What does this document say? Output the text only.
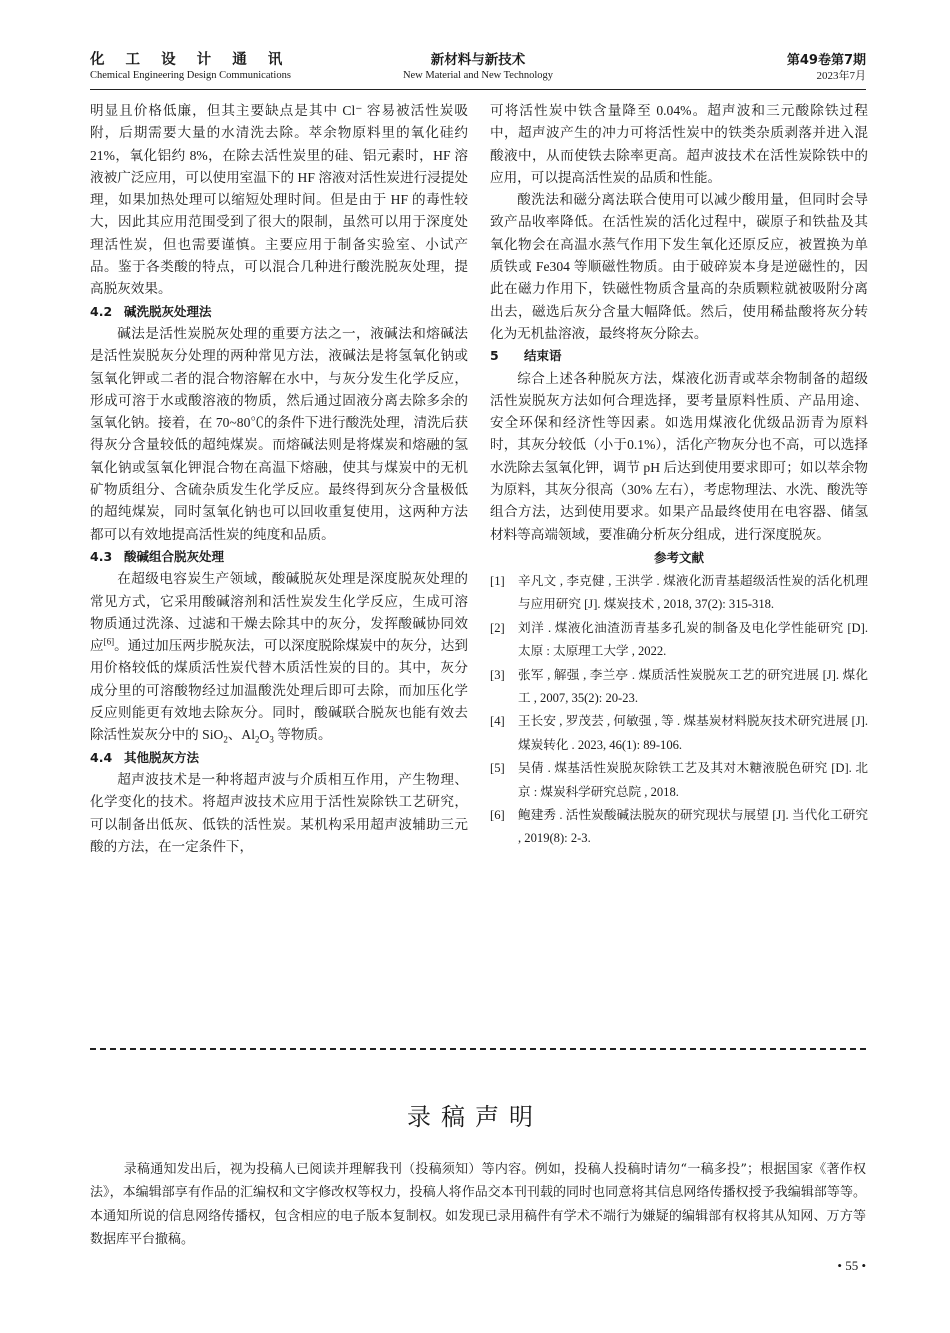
化 工 设 计 通 讯
Chemical Engineering Design Communications
新材料与新技术
New Material and New Technology
第49卷第7期
2023年7月

明显且价格低廉，但其主要缺点是其中 Cl⁻ 容易被活性炭吸附，后期需要大量的水清洗去除。萃余物原料里的氧化硅约 21%，氧化铝约 8%，在除去活性炭里的硅、铝元素时，HF 溶液被广泛应用，可以使用室温下的 HF 溶液对活性炭进行浸提处理，如果加热处理可以缩短处理时间。但是由于 HF 的毒性较大，因此其应用范围受到了很大的限制，虽然可以用于深度处理活性炭，但也需要谨慎。主要应用于制备实验室、小试产品。鉴于各类酸的特点，可以混合几种进行酸洗脱灰处理，提高脱灰效果。

4.2 碱洗脱灰处理法

碱法是活性炭脱灰处理的重要方法之一，液碱法和熔碱法是活性炭脱灰分处理的两种常见方法，液碱法是将氢氧化钠或氢氧化钾或二者的混合物溶解在水中，与灰分发生化学反应，形成可溶于水或酸溶液的物质，然后通过固液分离去除多余的氢氧化钠。接着，在 70~80℃的条件下进行酸洗处理，清洗后获得灰分含量较低的超纯煤炭。而熔碱法则是将煤炭和熔融的氢氧化钠或氢氧化钾混合物在高温下熔融，使其与煤炭中的无机矿物质组分、含硫杂质发生化学反应。最终得到灰分含量极低的超纯煤炭，同时氢氧化钠也可以回收重复使用，这两种方法都可以有效地提高活性炭的纯度和品质。

4.3 酸碱组合脱灰处理

在超级电容炭生产领域，酸碱脱灰处理是深度脱灰处理的常见方式，它采用酸碱溶剂和活性炭发生化学反应，生成可溶物质通过洗涤、过滤和干燥去除其中的灰分，发挥酸碱协同效应[6]。通过加压两步脱灰法，可以深度脱除煤炭中的灰分，达到用价格较低的煤质活性炭代替木质活性炭的目的。其中，灰分成分里的可溶酸物经过加温酸洗处理后即可去除，而加压化学反应则能更有效地去除灰分。同时，酸碱联合脱灰也能有效去除活性炭灰分中的 SiO$_2$、$Al_2O_3$ 等物质。

4.4 其他脱灰方法

超声波技术是一种将超声波与介质相互作用，产生物理、化学变化的技术。将超声波技术应用于活性炭除铁工艺研究，可以制备出低灰、低铁的活性炭。某机构采用超声波辅助三元酸的方法，在一定条件下，

可将活性炭中铁含量降至 0.04%。超声波和三元酸除铁过程中，超声波产生的冲力可将活性炭中的铁类杂质剥落并进入混酸液中，从而使铁去除率更高。超声波技术在活性炭除铁中的应用，可以提高活性炭的品质和性能。

酸洗法和磁分离法联合使用可以减少酸用量，但同时会导致产品收率降低。在活性炭的活化过程中，碳原子和铁盐及其氧化物会在高温水蒸气作用下发生氧化还原反应，被置换为单质铁或 Fe304 等顺磁性物质。由于破碎炭本身是逆磁性的，因此在磁力作用下，铁磁性物质含量高的杂质颗粒就被吸附分离出去，磁选后灰分含量大幅降低。然后，使用稀盐酸将灰分转化为无机盐溶液，最终将灰分除去。

5 结束语

综合上述各种脱灰方法，煤液化沥青或萃余物制备的超级活性炭脱灰方法如何合理选择，要考量原料性质、产品用途、安全环保和经济性等因素。如选用煤液化优级品沥青为原料时，其灰分较低（小于0.1%），活化产物灰分也不高，可以选择水洗除去氢氧化钾，调节 pH 后达到使用要求即可；如以萃余物为原料，其灰分很高（30% 左右），考虑物理法、水洗、酸洗等组合方法，达到使用要求。如果产品最终使用在电容器、储氢材料等高端领域，要准确分析灰分组成，进行深度脱灰。

参考文献
[1]	辛凡文 , 李克健 , 王洪学 . 煤液化沥青基超级活性炭的活化机理与应用研究 [J]. 煤炭技术 , 2018, 37(2): 315-318.
[2]	刘洋 . 煤液化油渣沥青基多孔炭的制备及电化学性能研究 [D]. 太原 : 太原理工大学 , 2022.
[3]	张军 , 解强 , 李兰亭 . 煤质活性炭脱灰工艺的研究进展 [J]. 煤化工 , 2007, 35(2): 20-23.
[4]	王长安 , 罗茂芸 , 何敏强 , 等 . 煤基炭材料脱灰技术研究进展 [J]. 煤炭转化 . 2023, 46(1): 89-106.
[5]	吴倩 . 煤基活性炭脱灰除铁工艺及其对木糖液脱色研究 [D]. 北京 : 煤炭科学研究总院 , 2018.
[6]	鲍建秀 . 活性炭酸碱法脱灰的研究现状与展望 [J]. 当代化工研究 , 2019(8): 2-3.
录稿声明

录稿通知发出后，视为投稿人已阅读并理解我刊（投稿须知）等内容。例如，投稿人投稿时请勿“一稿多投”；根据国家《著作权法》，本编辑部享有作品的汇编权和文字修改权等权力，投稿人将作品交本刊刊载的同时也同意将其信息网络传播权授予我编辑部等等。本通知所说的信息网络传播权，包含相应的电子版本复制权。如发现已录用稿件有学术不端行为嫌疑的编辑部有权将其从知网、万方等数据库平台撤稿。

• 55 •
